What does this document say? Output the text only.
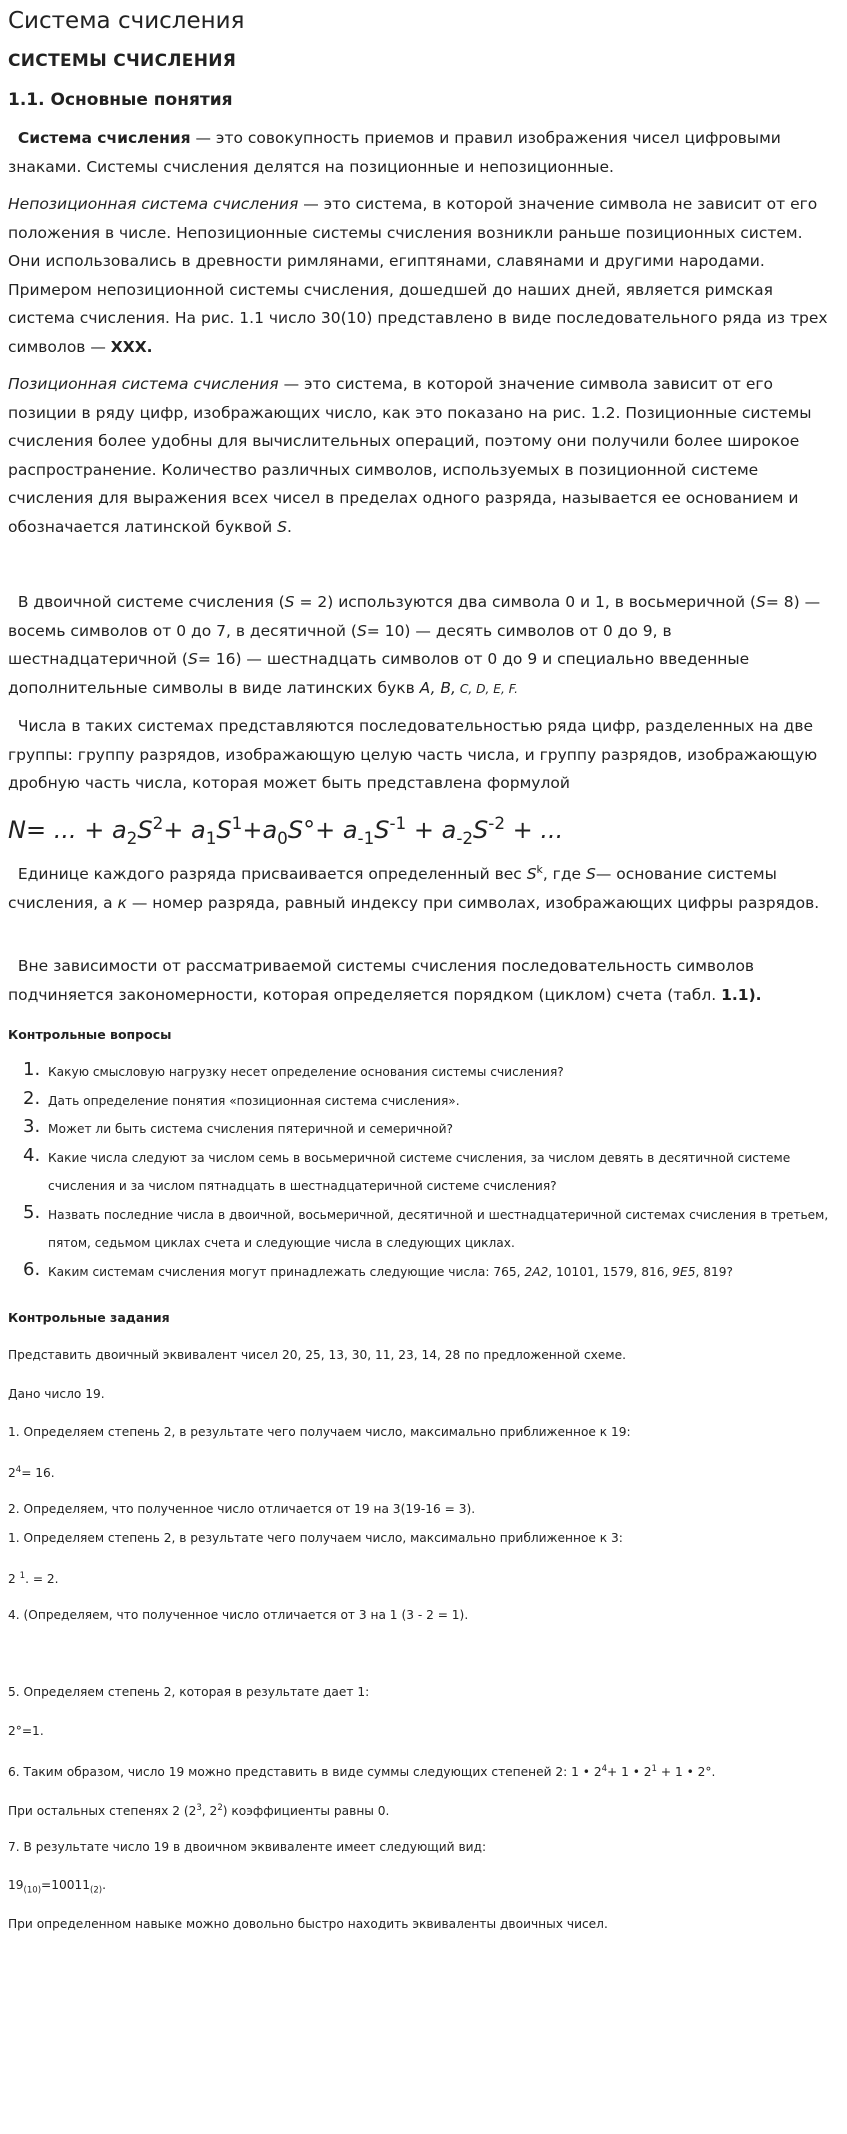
Система счисления
СИСТЕМЫ СЧИСЛЕНИЯ
1.1. Основные понятия
Система счисления — это совокупность приемов и правил изображения чисел цифровыми знаками. Системы счисления делятся на позиционные и непозиционные.
Непозиционная система счисления — это система, в которой значение символа не зависит от его положения в числе. Непозиционные системы счисления возникли раньше позиционных систем. Они использовались в древности римлянами, египтянами, славянами и другими народами. Примером непозиционной системы счисления, дошедшей до наших дней, является римская система счисления. На рис. 1.1 число 30(10) представлено в виде последовательного ряда из трех символов — XXX.
Позиционная система счисления — это система, в которой значение символа зависит от его позиции в ряду цифр, изображающих число, как это показано на рис. 1.2. Позиционные системы счисления более удобны для вычислительных операций, поэтому они получили более широкое распространение. Количество различных символов, используемых в позиционной системе счисления для выражения всех чисел в пределах одного разряда, называется ее основанием и обозначается латинской буквой S.
В двоичной системе счисления (S = 2) используются два символа 0 и 1, в восьмеричной (S= 8) — восемь символов от 0 до 7, в десятичной (S= 10) — десять символов от 0 до 9, в шестнадцатеричной (S= 16) — шестнадцать символов от 0 до 9 и специально введенные дополнительные символы в виде латинских букв A, B, C, D, E, F.
Числа в таких системах представляются последовательностью ряда цифр, разделенных на две группы: группу разрядов, изображающую целую часть числа, и группу разрядов, изображающую дробную часть числа, которая может быть представлена формулой
N= ... + $a_2S^2+ a_1S^1+a_0S^\circ+ a_{-1}S^{-1} + a_{-2}S^{-2}$ + ...
Единице каждого разряда присваивается определенный вес $S^k$, где S— основание системы счисления, а к — номер разряда, равный индексу при символах, изображающих цифры разрядов.
Вне зависимости от рассматриваемой системы счисления последовательность символов подчиняется закономерности, которая определяется порядком (циклом) счета (табл. 1.1).
Контрольные вопросы
1. Какую смысловую нагрузку несет определение основания системы счисления?
2. Дать определение понятия «позиционная система счисления».
3. Может ли быть система счисления пятеричной и семеричной?
4. Какие числа следуют за числом семь в восьмеричной системе счисления, за числом девять в десятичной системе счисления и за числом пятнадцать в шестнадцатеричной системе счисления?
5. Назвать последние числа в двоичной, восьмеричной, десятичной и шестнадцатеричной системах счисления в третьем, пятом, седьмом циклах счета и следующие числа в следующих циклах.
6. Каким системам счисления могут принадлежать следующие числа: 765, 2A2, 10101, 1579, 816, 9E5, 819?
Контрольные задания
Представить двоичный эквивалент чисел 20, 25, 13, 30, 11, 23, 14, 28 по предложенной схеме.
Дано число 19.
1. Определяем степень 2, в результате чего получаем число, максимально приближенное к 19:
$2^4= 16$.
2. Определяем, что полученное число отличается от 19 на 3(19-16 = 3).
1. Определяем степень 2, в результате чего получаем число, максимально приближенное к 3:
2 $^1$. = 2.
4. (Определяем, что полученное число отличается от 3 на 1 (3 - 2 = 1).
5. Определяем степень 2, которая в результате дает 1:
2°=1.
6. Таким образом, число 19 можно представить в виде суммы следующих степеней 2: 1 • $2^4+ 1$ • $2^1 + 1$ • 2°.
При остальных степенях 2 ($2^3$, $2^2$) коэффициенты равны 0.
7. В результате число 19 в двоичном эквиваленте имеет следующий вид:
$19_{(10)}=10011_{(2)}$.
При определенном навыке можно довольно быстро находить эквиваленты двоичных чисел.
